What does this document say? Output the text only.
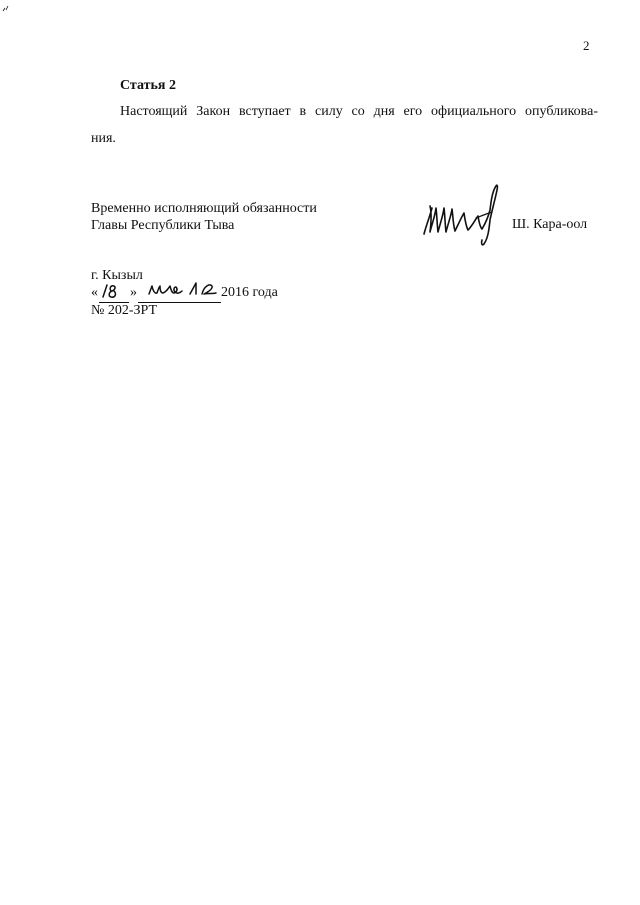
2
Статья 2
Настоящий Закон вступает в силу со дня его официального опубликова-
ния.
Временно исполняющий обязанности
Главы Республики Тыва	Ш. Кара-оол
г. Кызыл
« »	2016 года
№ 202-ЗРТ
